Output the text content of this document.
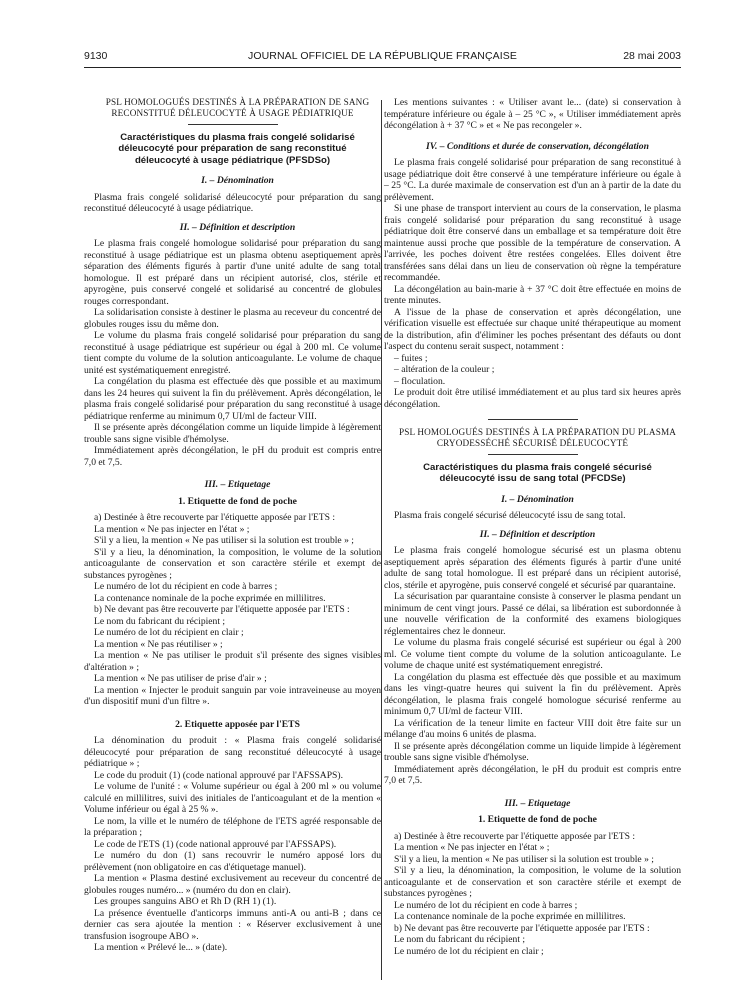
9130	JOURNAL OFFICIEL DE LA RÉPUBLIQUE FRANÇAISE	28 mai 2003

PSL HOMOLOGUÉS DESTINÉS À LA PRÉPARATION DE SANG RECONSTITUÉ DÉLEUCOCYTÉ À USAGE PÉDIATRIQUE

Caractéristiques du plasma frais congelé solidarisé déleucocyté pour préparation de sang reconstitué déleucocyté à usage pédiatrique (PFSDSo)

I. – Dénomination

Plasma frais congelé solidarisé déleucocyté pour préparation du sang reconstitué déleucocyté à usage pédiatrique.

II. – Définition et description

Le plasma frais congelé homologue solidarisé pour préparation du sang reconstitué à usage pédiatrique est un plasma obtenu aseptiquement après séparation des éléments figurés à partir d'une unité adulte de sang total homologue. Il est préparé dans un récipient autorisé, clos, stérile et apyrogène, puis conservé congelé et solidarisé au concentré de globules rouges correspondant.

La solidarisation consiste à destiner le plasma au receveur du concentré de globules rouges issu du même don.

Le volume du plasma frais congelé solidarisé pour préparation du sang reconstitué à usage pédiatrique est supérieur ou égal à 200 ml. Ce volume tient compte du volume de la solution anticoagulante. Le volume de chaque unité est systématiquement enregistré.

La congélation du plasma est effectuée dès que possible et au maximum dans les 24 heures qui suivent la fin du prélèvement. Après décongélation, le plasma frais congelé solidarisé pour préparation du sang reconstitué à usage pédiatrique renferme au minimum 0,7 UI/ml de facteur VIII.

Il se présente après décongélation comme un liquide limpide à légèrement trouble sans signe visible d'hémolyse.

Immédiatement après décongélation, le pH du produit est compris entre 7,0 et 7,5.

III. – Etiquetage

1. Etiquette de fond de poche

a) Destinée à être recouverte par l'étiquette apposée par l'ETS :

La mention « Ne pas injecter en l'état » ;

S'il y a lieu, la mention « Ne pas utiliser si la solution est trouble » ;

S'il y a lieu, la dénomination, la composition, le volume de la solution anticoagulante de conservation et son caractère stérile et exempt de substances pyrogènes ;

Le numéro de lot du récipient en code à barres ;

La contenance nominale de la poche exprimée en millilitres.

b) Ne devant pas être recouverte par l'étiquette apposée par l'ETS :

Le nom du fabricant du récipient ;

Le numéro de lot du récipient en clair ;

La mention « Ne pas réutiliser » ;

La mention « Ne pas utiliser le produit s'il présente des signes visibles d'altération » ;

La mention « Ne pas utiliser de prise d'air » ;

La mention « Injecter le produit sanguin par voie intraveineuse au moyen d'un dispositif muni d'un filtre ».

2. Etiquette apposée par l'ETS

La dénomination du produit : « Plasma frais congelé solidarisé déleucocyté pour préparation de sang reconstitué déleucocyté à usage pédiatrique » ;

Le code du produit (1) (code national approuvé par l'AFSSAPS).

Le volume de l'unité : « Volume supérieur ou égal à 200 ml » ou volume calculé en millilitres, suivi des initiales de l'anticoagulant et de la mention « Volume inférieur ou égal à 25 % ».

Le nom, la ville et le numéro de téléphone de l'ETS agréé responsable de la préparation ;

Le code de l'ETS (1) (code national approuvé par l'AFSSAPS).

Le numéro du don (1) sans recouvrir le numéro apposé lors du prélèvement (non obligatoire en cas d'étiquetage manuel).

La mention « Plasma destiné exclusivement au receveur du concentré de globules rouges numéro... » (numéro du don en clair).

Les groupes sanguins ABO et Rh D (RH 1) (1).

La présence éventuelle d'anticorps immuns anti-A ou anti-B ; dans ce dernier cas sera ajoutée la mention : « Réserver exclusivement à une transfusion isogroupe ABO ».

La mention « Prélevé le... » (date).

Les mentions suivantes : « Utiliser avant le... (date) si conservation à température inférieure ou égale à – 25 °C », « Utiliser immédiatement après décongélation à + 37 °C » et « Ne pas recongeler ».

IV. – Conditions et durée de conservation, décongélation

Le plasma frais congelé solidarisé pour préparation de sang reconstitué à usage pédiatrique doit être conservé à une température inférieure ou égale à – 25 °C. La durée maximale de conservation est d'un an à partir de la date du prélèvement.

Si une phase de transport intervient au cours de la conservation, le plasma frais congelé solidarisé pour préparation du sang reconstitué à usage pédiatrique doit être conservé dans un emballage et sa température doit être maintenue aussi proche que possible de la température de conservation. A l'arrivée, les poches doivent être restées congelées. Elles doivent être transférées sans délai dans un lieu de conservation où règne la température recommandée.

La décongélation au bain-marie à + 37 °C doit être effectuée en moins de trente minutes.

A l'issue de la phase de conservation et après décongélation, une vérification visuelle est effectuée sur chaque unité thérapeutique au moment de la distribution, afin d'éliminer les poches présentant des défauts ou dont l'aspect du contenu serait suspect, notamment :

– fuites ;

– altération de la couleur ;

– floculation.

Le produit doit être utilisé immédiatement et au plus tard six heures après décongélation.

PSL HOMOLOGUÉS DESTINÉS À LA PRÉPARATION DU PLASMA CRYODESSÉCHÉ SÉCURISÉ DÉLEUCOCYTÉ

Caractéristiques du plasma frais congelé sécurisé déleucocyté issu de sang total (PFCDSe)

I. – Dénomination

Plasma frais congelé sécurisé déleucocyté issu de sang total.

II. – Définition et description

Le plasma frais congelé homologue sécurisé est un plasma obtenu aseptiquement après séparation des éléments figurés à partir d'une unité adulte de sang total homologue. Il est préparé dans un récipient autorisé, clos, stérile et apyrogène, puis conservé congelé et sécurisé par quarantaine.

La sécurisation par quarantaine consiste à conserver le plasma pendant un minimum de cent vingt jours. Passé ce délai, sa libération est subordonnée à une nouvelle vérification de la conformité des examens biologiques réglementaires chez le donneur.

Le volume du plasma frais congelé sécurisé est supérieur ou égal à 200 ml. Ce volume tient compte du volume de la solution anticoagulante. Le volume de chaque unité est systématiquement enregistré.

La congélation du plasma est effectuée dès que possible et au maximum dans les vingt-quatre heures qui suivent la fin du prélèvement. Après décongélation, le plasma frais congelé homologue sécurisé renferme au minimum 0,7 UI/ml de facteur VIII.

La vérification de la teneur limite en facteur VIII doit être faite sur un mélange d'au moins 6 unités de plasma.

Il se présente après décongélation comme un liquide limpide à légèrement trouble sans signe visible d'hémolyse.

Immédiatement après décongélation, le pH du produit est compris entre 7,0 et 7,5.

III. – Etiquetage

1. Etiquette de fond de poche

a) Destinée à être recouverte par l'étiquette apposée par l'ETS :

La mention « Ne pas injecter en l'état » ;

S'il y a lieu, la mention « Ne pas utiliser si la solution est trouble » ;

S'il y a lieu, la dénomination, la composition, le volume de la solution anticoagulante et de conservation et son caractère stérile et exempt de substances pyrogènes ;

Le numéro de lot du récipient en code à barres ;

La contenance nominale de la poche exprimée en millilitres.

b) Ne devant pas être recouverte par l'étiquette apposée par l'ETS :

Le nom du fabricant du récipient ;

Le numéro de lot du récipient en clair ;
